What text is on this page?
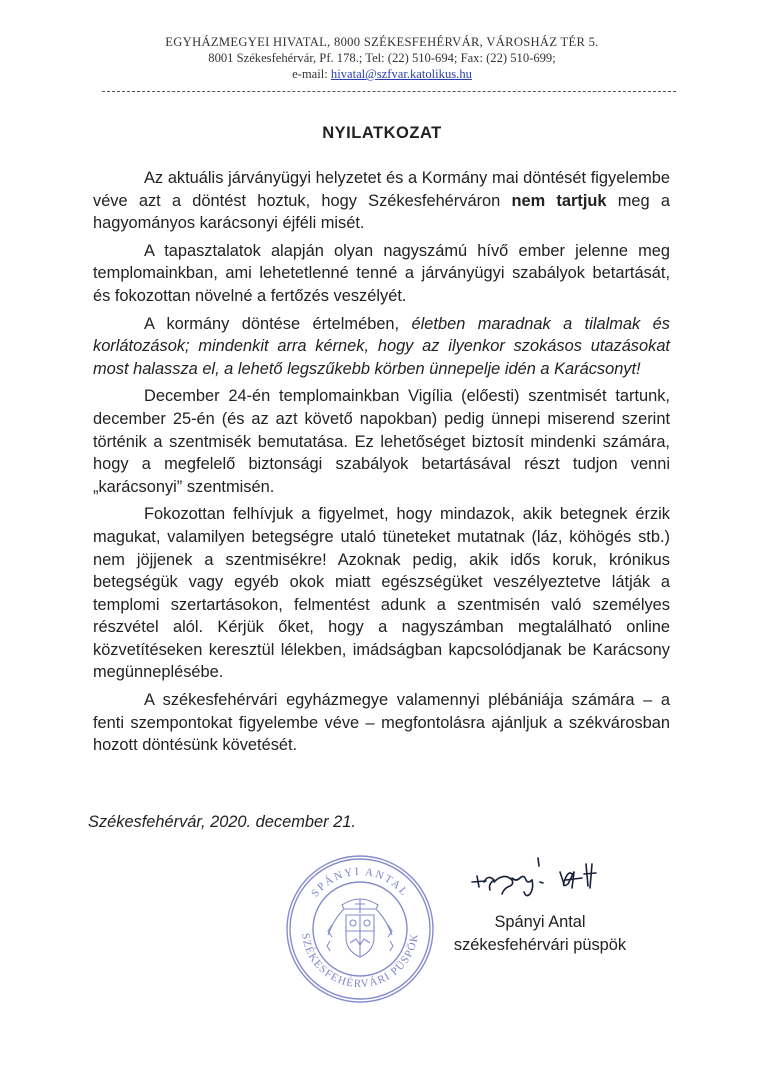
EGYHÁZMEGYEI HIVATAL, 8000 SZÉKESFEHÉRVÁR, VÁROSHÁZ TÉR 5.
8001 Székesfehérvár, Pf. 178.; Tel: (22) 510-694; Fax: (22) 510-699;
e-mail: hivatal@szfvar.katolikus.hu
NYILATKOZAT

Az aktuális járványügyi helyzetet és a Kormány mai döntését figyelembe véve azt a döntést hoztuk, hogy Székesfehérváron nem tartjuk meg a hagyományos karácsonyi éjféli misét.

A tapasztalatok alapján olyan nagyszámú hívő ember jelenne meg templomainkban, ami lehetetlenné tenné a járványügyi szabályok betartását, és fokozottan növelné a fertőzés veszélyét.

A kormány döntése értelmében, életben maradnak a tilalmak és korlátozások; mindenkit arra kérnek, hogy az ilyenkor szokásos utazásokat most halassza el, a lehető legszűkebb körben ünnepelje idén a Karácsonyt!

December 24-én templomainkban Vigília (előesti) szentmisét tartunk, december 25-én (és az azt követő napokban) pedig ünnepi miserend szerint történik a szentmisék bemutatása. Ez lehetőséget biztosít mindenki számára, hogy a megfelelő biztonsági szabályok betartásával részt tudjon venni „karácsonyi” szentmisén.

Fokozottan felhívjuk a figyelmet, hogy mindazok, akik betegnek érzik magukat, valamilyen betegségre utaló tüneteket mutatnak (láz, köhögés stb.) nem jöjjenek a szentmisékre! Azoknak pedig, akik idős koruk, krónikus betegségük vagy egyéb okok miatt egészségüket veszélyeztetve látják a templomi szertartásokon, felmentést adunk a szentmisén való személyes részvétel alól. Kérjük őket, hogy a nagyszámban megtalálható online közvetítéseken keresztül lélekben, imádságban kapcsolódjanak be Karácsony megünneplésébe.

A székesfehérvári egyházmegye valamennyi plébániája számára – a fenti szempontokat figyelembe véve – megfontolásra ajánljuk a székvárosban hozott döntésünk követését.

Székesfehérvár, 2020. december 21.
SPÁNYI ANTAL
SZÉKESFEHÉRVÁRI PÜSPÖK
Spányi Antal
székesfehérvári püspök
